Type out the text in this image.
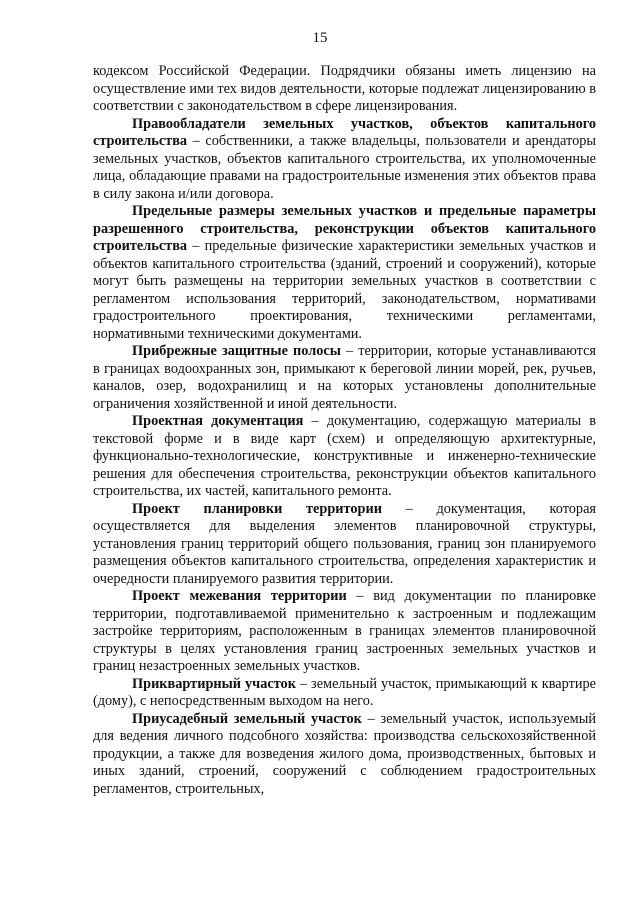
15

кодексом Российской Федерации. Подрядчики обязаны иметь лицензию на осуществление ими тех видов деятельности, которые подлежат лицензированию в соответствии с законодательством в сфере лицензирования.

Правообладатели земельных участков, объектов капитального строительства – собственники, а также владельцы, пользователи и арендаторы земельных участков, объектов капитального строительства, их уполномоченные лица, обладающие правами на градостроительные изменения этих объектов права в силу закона и/или договора.

Предельные размеры земельных участков и предельные параметры разрешенного строительства, реконструкции объектов капитального строительства – предельные физические характеристики земельных участков и объектов капитального строительства (зданий, строений и сооружений), которые могут быть размещены на территории земельных участков в соответствии с регламентом использования территорий, законодательством, нормативами градостроительного проектирования, техническими регламентами, нормативными техническими документами.

Прибрежные защитные полосы – территории, которые устанавливаются в границах водоохранных зон, примыкают к береговой линии морей, рек, ручьев, каналов, озер, водохранилищ и на которых установлены дополнительные ограничения хозяйственной и иной деятельности.

Проектная документация – документацию, содержащую материалы в текстовой форме и в виде карт (схем) и определяющую архитектурные, функционально-технологические, конструктивные и инженерно-технические решения для обеспечения строительства, реконструкции объектов капитального строительства, их частей, капитального ремонта.

Проект планировки территории – документация, которая осуществляется для выделения элементов планировочной структуры, установления границ территорий общего пользования, границ зон планируемого размещения объектов капитального строительства, определения характеристик и очередности планируемого развития территории.

Проект межевания территории – вид документации по планировке территории, подготавливаемой применительно к застроенным и подлежащим застройке территориям, расположенным в границах элементов планировочной структуры в целях установления границ застроенных земельных участков и границ незастроенных земельных участков.

Приквартирный участок – земельный участок, примыкающий к квартире (дому), с непосредственным выходом на него.

Приусадебный земельный участок – земельный участок, используемый для ведения личного подсобного хозяйства: производства сельскохозяйственной продукции, а также для возведения жилого дома, производственных, бытовых и иных зданий, строений, сооружений с соблюдением градостроительных регламентов, строительных,
